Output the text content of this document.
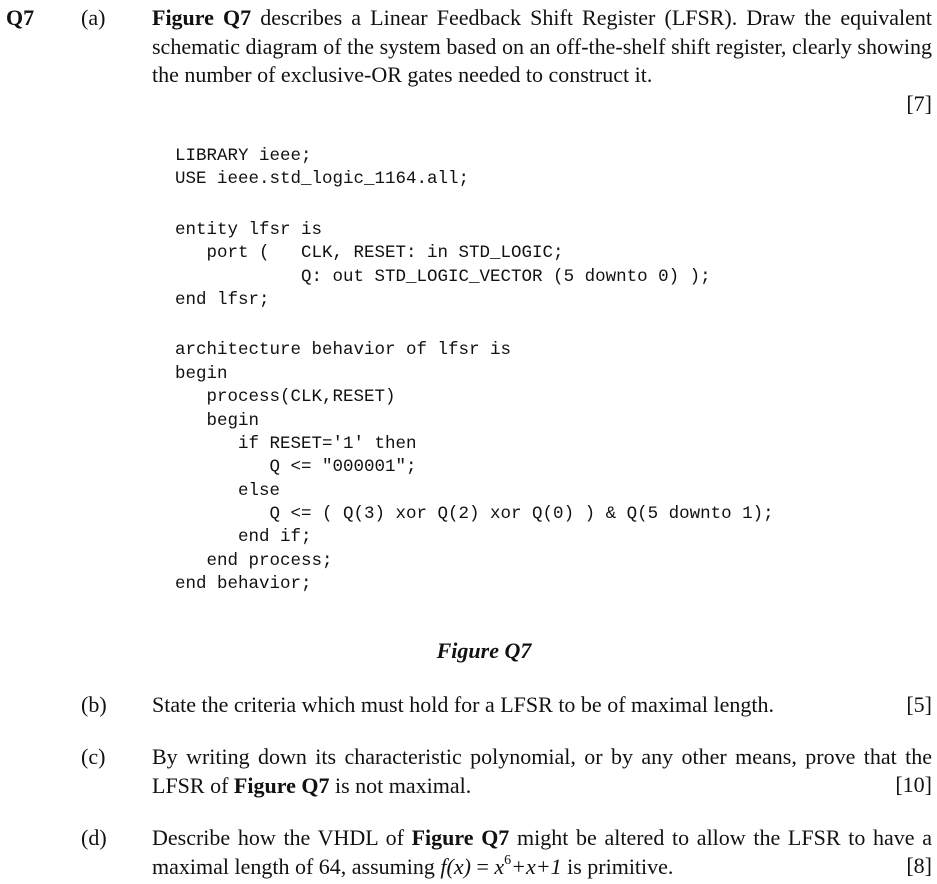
Q7 (a) Figure Q7 describes a Linear Feedback Shift Register (LFSR). Draw the equivalent schematic diagram of the system based on an off-the-shelf shift register, clearly showing the number of exclusive-OR gates needed to construct it.
[7]
LIBRARY ieee;
USE ieee.std_logic_1164.all;
entity lfsr is
port (   CLK, RESET: in STD_LOGIC;
Q: out STD_LOGIC_VECTOR (5 downto 0) );
end lfsr;
architecture behavior of lfsr is
begin
process(CLK,RESET)
begin
if RESET='1' then
Q <= "000001";
else
Q <= ( Q(3) xor Q(2) xor Q(0) ) & Q(5 downto 1);
end if;
end process;
end behavior;
Figure Q7
(b) State the criteria which must hold for a LFSR to be of maximal length.	[5]
(c) By writing down its characteristic polynomial, or by any other means, prove that the LFSR of Figure Q7 is not maximal.	[10]
(d) Describe how the VHDL of Figure Q7 might be altered to allow the LFSR to have a maximal length of 64, assuming $f(x) = x^6+x+1$ is primitive.	[8]
